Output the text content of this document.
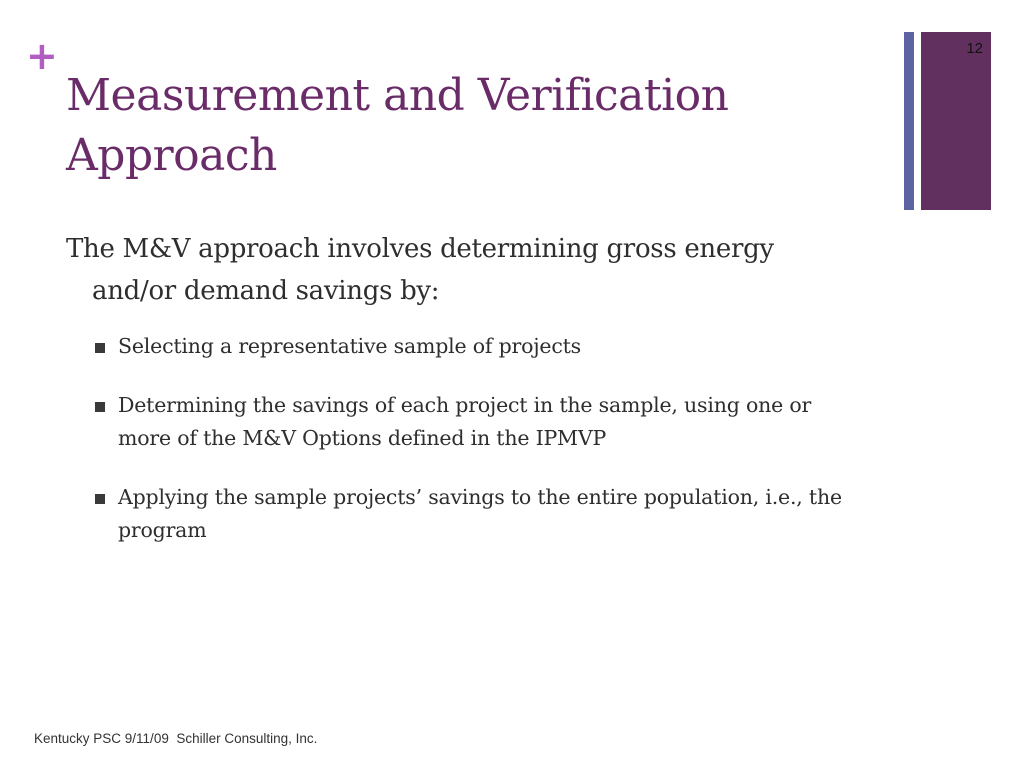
+	12
Measurement and Verification Approach

The M&V approach involves determining gross energy and/or demand savings by:

Selecting a representative sample of projects
Determining the savings of each project in the sample, using one or more of the M&V Options defined in the IPMVP
Applying the sample projects’ savings to the entire population, i.e., the program
Kentucky PSC 9/11/09  Schiller Consulting, Inc.
